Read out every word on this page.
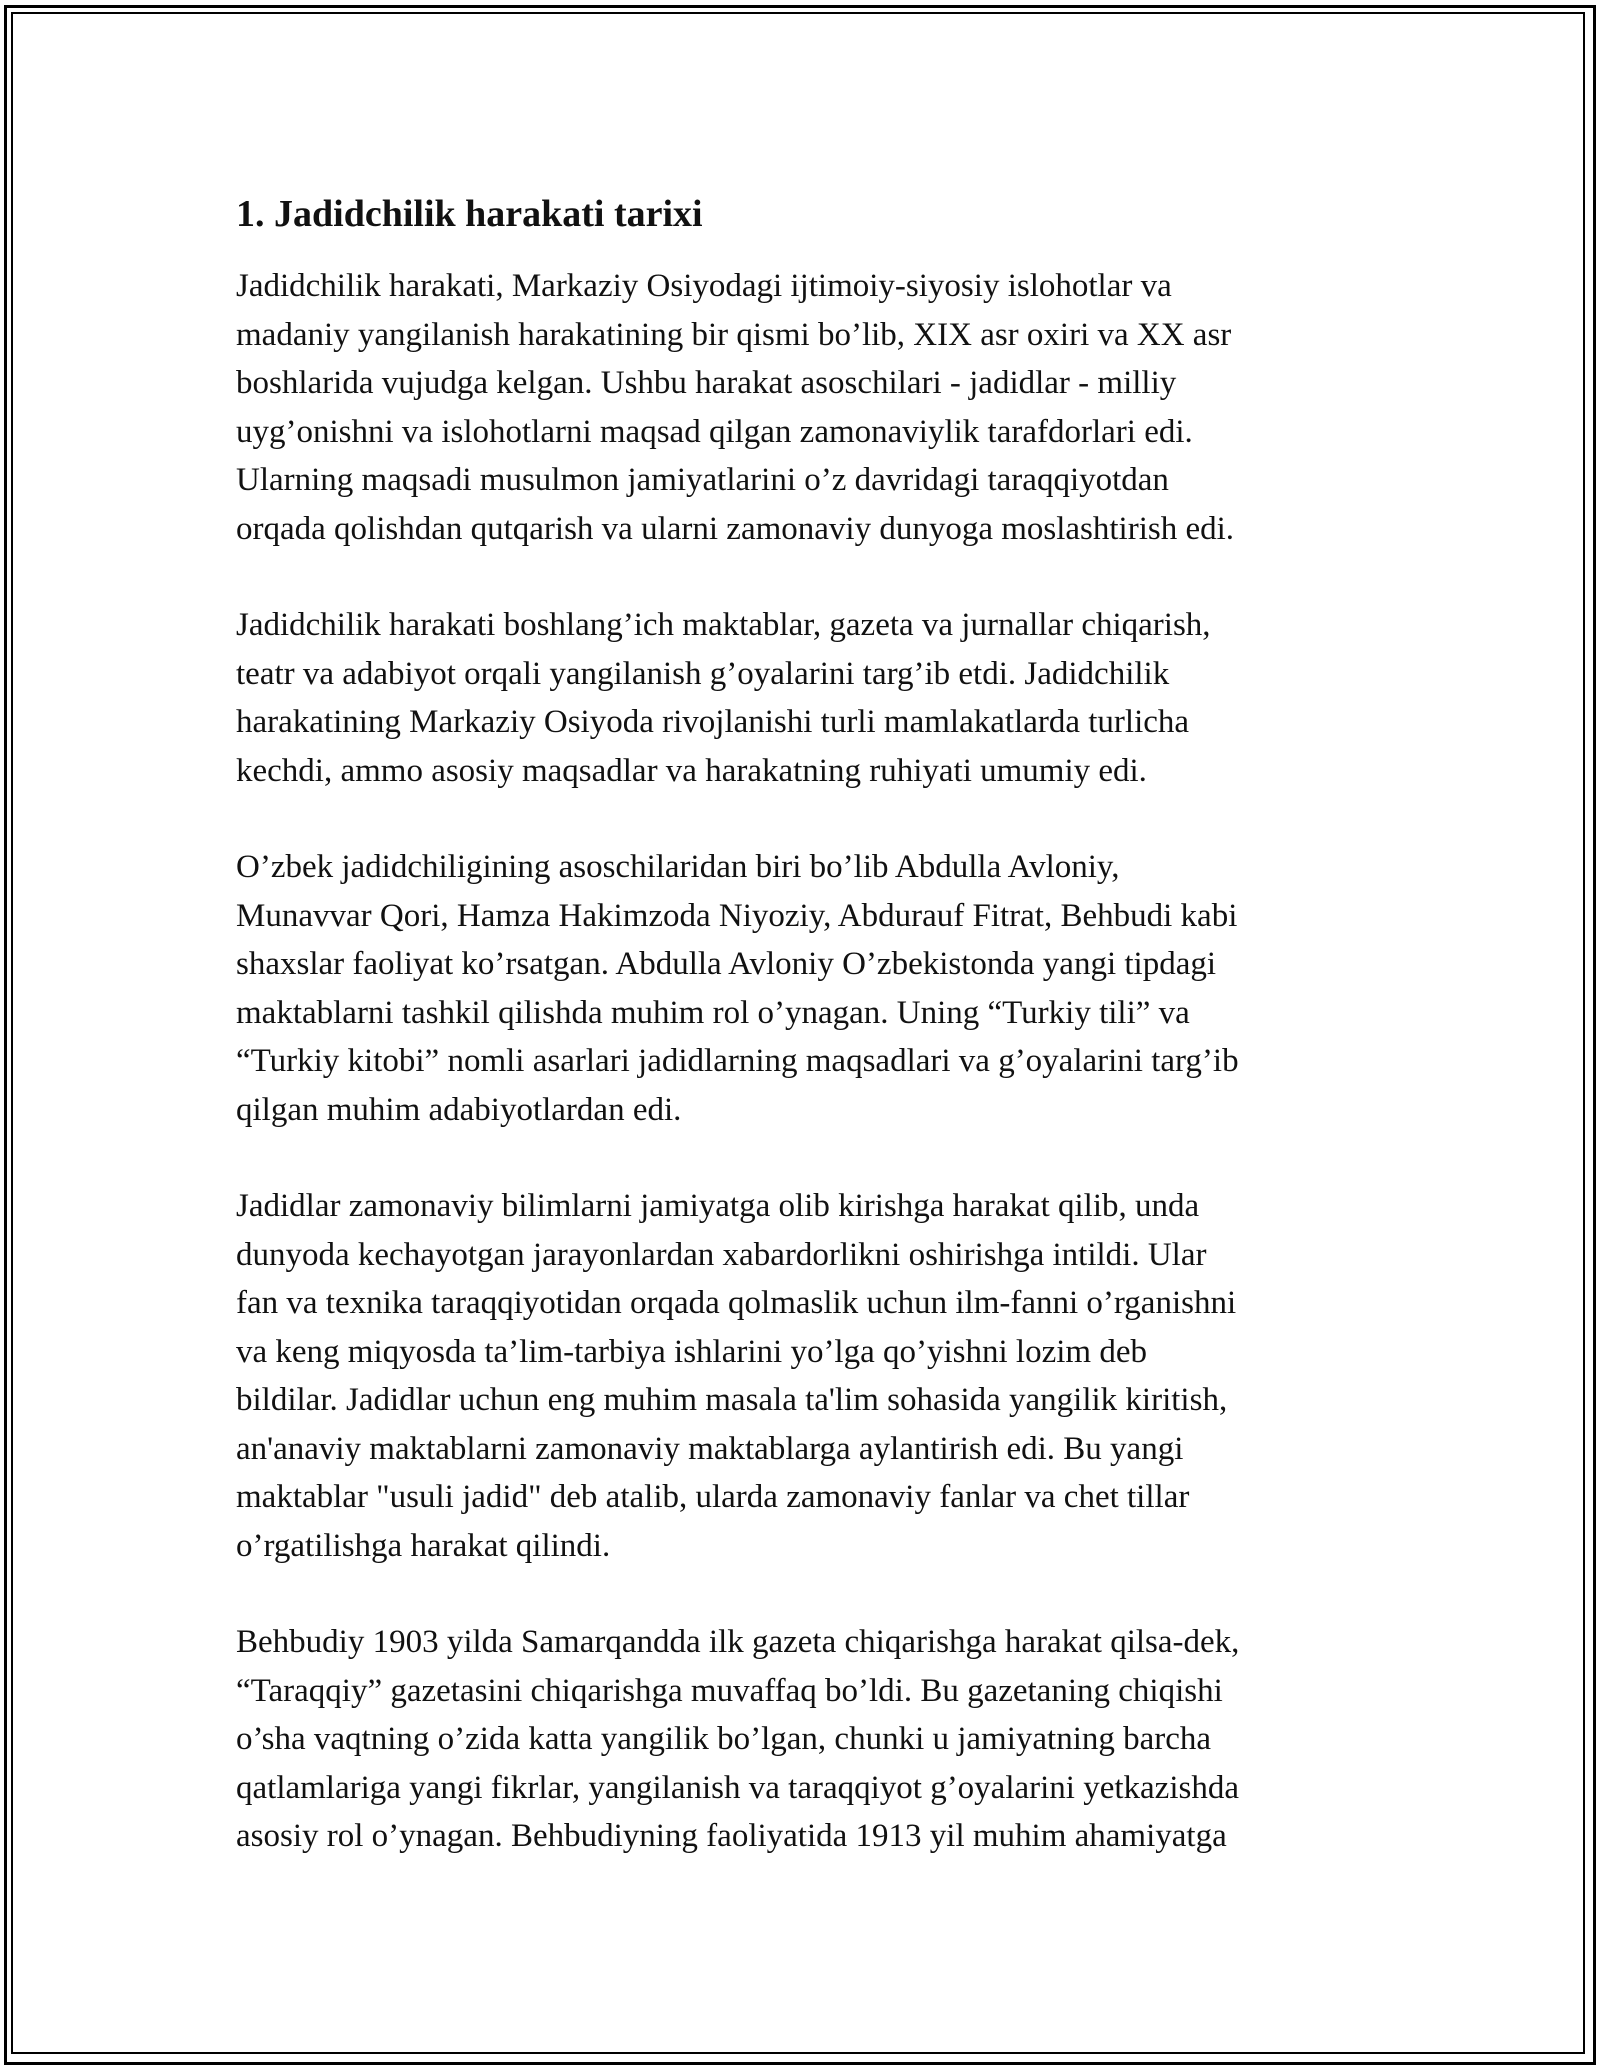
1. Jadidchilik harakati tarixi
Jadidchilik harakati, Markaziy Osiyodagi ijtimoiy-siyosiy islohotlar va
madaniy yangilanish harakatining bir qismi bo’lib, XIX asr oxiri va XX asr
boshlarida vujudga kelgan. Ushbu harakat asoschilari - jadidlar - milliy
uyg’onishni va islohotlarni maqsad qilgan zamonaviylik tarafdorlari edi.
Ularning maqsadi musulmon jamiyatlarini o’z davridagi taraqqiyotdan
orqada qolishdan qutqarish va ularni zamonaviy dunyoga moslashtirish edi.
Jadidchilik harakati boshlang’ich maktablar, gazeta va jurnallar chiqarish,
teatr va adabiyot orqali yangilanish g’oyalarini targ’ib etdi. Jadidchilik
harakatining Markaziy Osiyoda rivojlanishi turli mamlakatlarda turlicha
kechdi, ammo asosiy maqsadlar va harakatning ruhiyati umumiy edi.
O’zbek jadidchiligining asoschilaridan biri bo’lib Abdulla Avloniy,
Munavvar Qori, Hamza Hakimzoda Niyoziy, Abdurauf Fitrat, Behbudi kabi
shaxslar faoliyat ko’rsatgan. Abdulla Avloniy O’zbekistonda yangi tipdagi
maktablarni tashkil qilishda muhim rol o’ynagan. Uning “Turkiy tili” va
“Turkiy kitobi” nomli asarlari jadidlarning maqsadlari va g’oyalarini targ’ib
qilgan muhim adabiyotlardan edi.
Jadidlar zamonaviy bilimlarni jamiyatga olib kirishga harakat qilib, unda
dunyoda kechayotgan jarayonlardan xabardorlikni oshirishga intildi. Ular
fan va texnika taraqqiyotidan orqada qolmaslik uchun ilm-fanni o’rganishni
va keng miqyosda ta’lim-tarbiya ishlarini yo’lga qo’yishni lozim deb
bildilar. Jadidlar uchun eng muhim masala ta'lim sohasida yangilik kiritish,
an'anaviy maktablarni zamonaviy maktablarga aylantirish edi. Bu yangi
maktablar "usuli jadid" deb atalib, ularda zamonaviy fanlar va chet tillar
o’rgatilishga harakat qilindi.
Behbudiy 1903 yilda Samarqandda ilk gazeta chiqarishga harakat qilsa-dek,
“Taraqqiy” gazetasini chiqarishga muvaffaq bo’ldi. Bu gazetaning chiqishi
o’sha vaqtning o’zida katta yangilik bo’lgan, chunki u jamiyatning barcha
qatlamlariga yangi fikrlar, yangilanish va taraqqiyot g’oyalarini yetkazishda
asosiy rol o’ynagan. Behbudiyning faoliyatida 1913 yil muhim ahamiyatga
